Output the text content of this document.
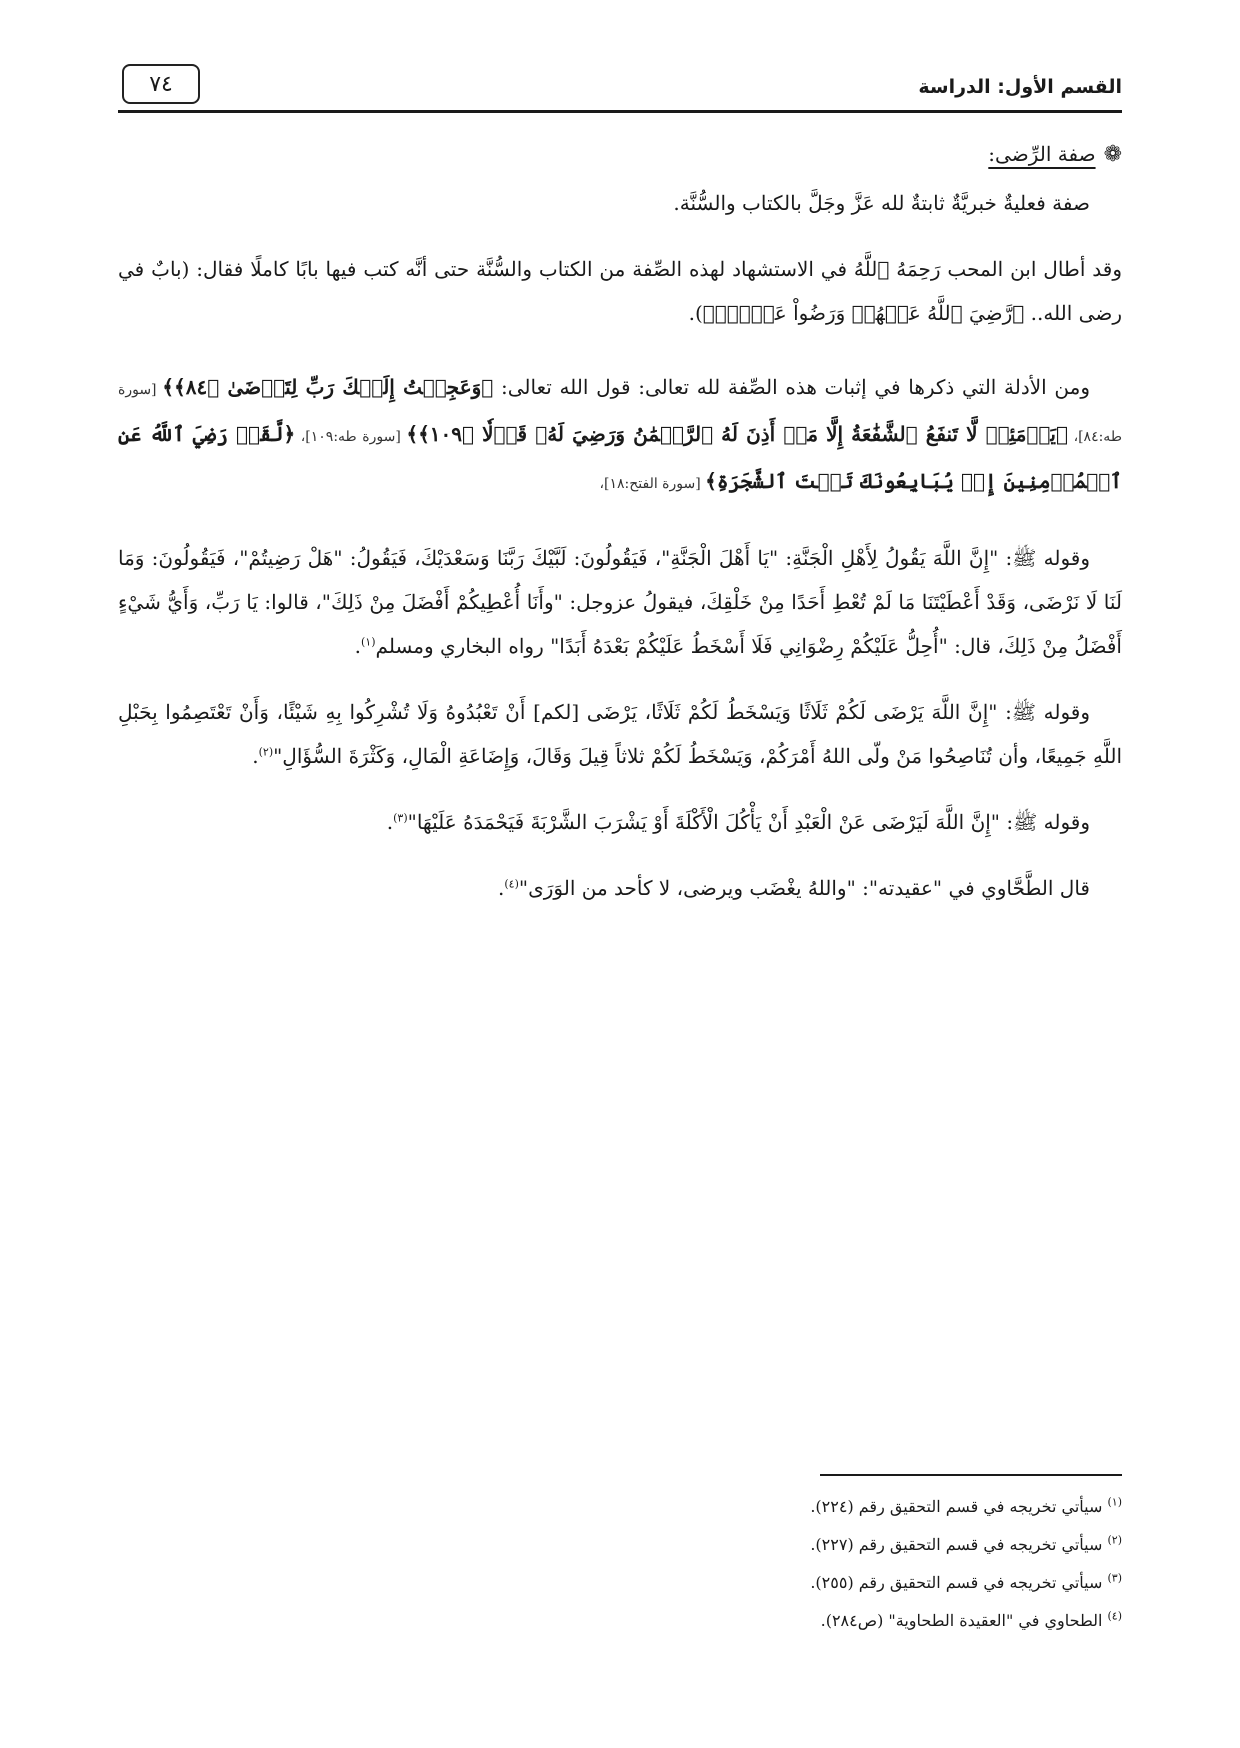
القسم الأول: الدراسة
٧٤

❁صفة الرِّضى:

صفة فعليةٌ خبريَّةٌ ثابتةٌ لله عَزَّ وجَلَّ بالكتاب والسُّنَّة.

وقد أطال ابن المحب رَحِمَهُ ٱللَّهُ في الاستشهاد لهذه الصِّفة من الكتاب والسُّنَّة حتى أنَّه كتب فيها بابًا كاملًا فقال: (بابٌ في رضى الله.. ﴿رَّضِيَ ٱللَّهُ عَنۡهُمۡ وَرَضُواْ عَنۡهُۚ﴾).

ومن الأدلة التي ذكرها في إثبات هذه الصِّفة لله تعالى: قول الله تعالى: ﴿وَعَجِلۡتُ إِلَيۡكَ رَبِّ لِتَرۡضَىٰ ﴿٨٤﴾﴾ [سورة طه:٨٤]، ﴿يَوۡمَئِذٖ لَّا تَنفَعُ ٱلشَّفَٰعَةُ إِلَّا مَنۡ أَذِنَ لَهُ ٱلرَّحۡمَٰنُ وَرَضِيَ لَهُۥ قَوۡلٗا ﴿١٠٩﴾﴾ [سورة طه:١٠٩]، ﴿لَّقَدۡ رَضِيَ ٱللَّهُ عَنِ ٱلۡمُؤۡمِنِينَ إِذۡ يُبَايِعُونَكَ تَحۡتَ ٱلشَّجَرَةِ﴾ [سورة الفتح:١٨]،

وقوله ﷺ: "إِنَّ اللَّهَ يَقُولُ لِأَهْلِ الْجَنَّةِ: "يَا أَهْلَ الْجَنَّةِ"، فَيَقُولُونَ: لَبَّيْكَ رَبَّنَا وَسَعْدَيْكَ، فَيَقُولُ: "هَلْ رَضِيتُمْ"، فَيَقُولُونَ: وَمَا لَنَا لَا نَرْضَى، وَقَدْ أَعْطَيْتَنَا مَا لَمْ تُعْطِ أَحَدًا مِنْ خَلْقِكَ، فيقولُ عزوجل: "وأَنَا أُعْطِيكُمْ أَفْضَلَ مِنْ ذَلِكَ"، قالوا: يَا رَبِّ، وَأَيُّ شَيْءٍ أَفْضَلُ مِنْ ذَلِكَ، قال: "أُحِلُّ عَلَيْكُمْ رِضْوَانِي فَلَا أَسْخَطُ عَلَيْكُمْ بَعْدَهُ أَبَدًا" رواه البخاري ومسلم$^{(١)}$.

وقوله ﷺ: "إِنَّ اللَّهَ يَرْضَى لَكُمْ ثَلَاثًا وَيَسْخَطُ لَكُمْ ثَلَاثًا، يَرْضَى [لكم] أَنْ تَعْبُدُوهُ وَلَا تُشْرِكُوا بِهِ شَيْئًا، وَأَنْ تَعْتَصِمُوا بِحَبْلِ اللَّهِ جَمِيعًا، وأن تُنَاصِحُوا مَنْ ولّى اللهُ أَمْرَكُمْ، وَيَسْخَطُ لَكُمْ ثلاثاً قِيلَ وَقَالَ، وَإِضَاعَةِ الْمَالِ، وَكَثْرَةَ السُّؤَالِ"$^{(٢)}$.

وقوله ﷺ: "إِنَّ اللَّهَ لَيَرْضَى عَنْ الْعَبْدِ أَنْ يَأْكُلَ الْأَكْلَةَ أَوْ يَشْرَبَ الشَّرْبَةَ فَيَحْمَدَهُ عَلَيْهَا"$^{(٣)}$.

قال الطَّحَّاوي في "عقيدته": "واللهُ يغْضَب ويرضى، لا كأحد من الوَرَى"$^{(٤)}$.

$^{(١)}$ سيأتي تخريجه في قسم التحقيق رقم (٢٢٤).

$^{(٢)}$ سيأتي تخريجه في قسم التحقيق رقم (٢٢٧).

$^{(٣)}$ سيأتي تخريجه في قسم التحقيق رقم (٢٥٥).

$^{(٤)}$ الطحاوي في "العقيدة الطحاوية" (ص٢٨٤).
